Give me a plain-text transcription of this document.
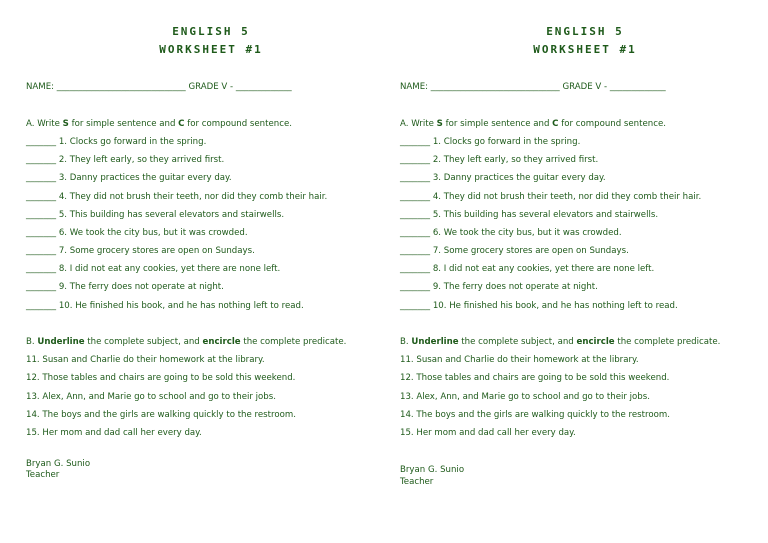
ENGLISH 5
WORKSHEET #1
NAME: ______________________________ GRADE V - _____________
A. Write S for simple sentence and C for compound sentence.
_______ 1. Clocks go forward in the spring.
_______ 2. They left early, so they arrived first.
_______ 3. Danny practices the guitar every day.
_______ 4. They did not brush their teeth, nor did they comb their hair.
_______ 5. This building has several elevators and stairwells.
_______ 6. We took the city bus, but it was crowded.
_______ 7. Some grocery stores are open on Sundays.
_______ 8. I did not eat any cookies, yet there are none left.
_______ 9. The ferry does not operate at night.
_______ 10. He finished his book, and he has nothing left to read.
B. Underline the complete subject, and encircle the complete predicate.
11. Susan and Charlie do their homework at the library.
12. Those tables and chairs are going to be sold this weekend.
13. Alex, Ann, and Marie go to school and go to their jobs.
14. The boys and the girls are walking quickly to the restroom.
15. Her mom and dad call her every day.
Bryan G. Sunio
Teacher
ENGLISH 5
WORKSHEET #1
NAME: ______________________________ GRADE V - _____________
A. Write S for simple sentence and C for compound sentence.
_______ 1. Clocks go forward in the spring.
_______ 2. They left early, so they arrived first.
_______ 3. Danny practices the guitar every day.
_______ 4. They did not brush their teeth, nor did they comb their hair.
_______ 5. This building has several elevators and stairwells.
_______ 6. We took the city bus, but it was crowded.
_______ 7. Some grocery stores are open on Sundays.
_______ 8. I did not eat any cookies, yet there are none left.
_______ 9. The ferry does not operate at night.
_______ 10. He finished his book, and he has nothing left to read.
B. Underline the complete subject, and encircle the complete predicate.
11. Susan and Charlie do their homework at the library.
12. Those tables and chairs are going to be sold this weekend.
13. Alex, Ann, and Marie go to school and go to their jobs.
14. The boys and the girls are walking quickly to the restroom.
15. Her mom and dad call her every day.
Bryan G. Sunio
Teacher
